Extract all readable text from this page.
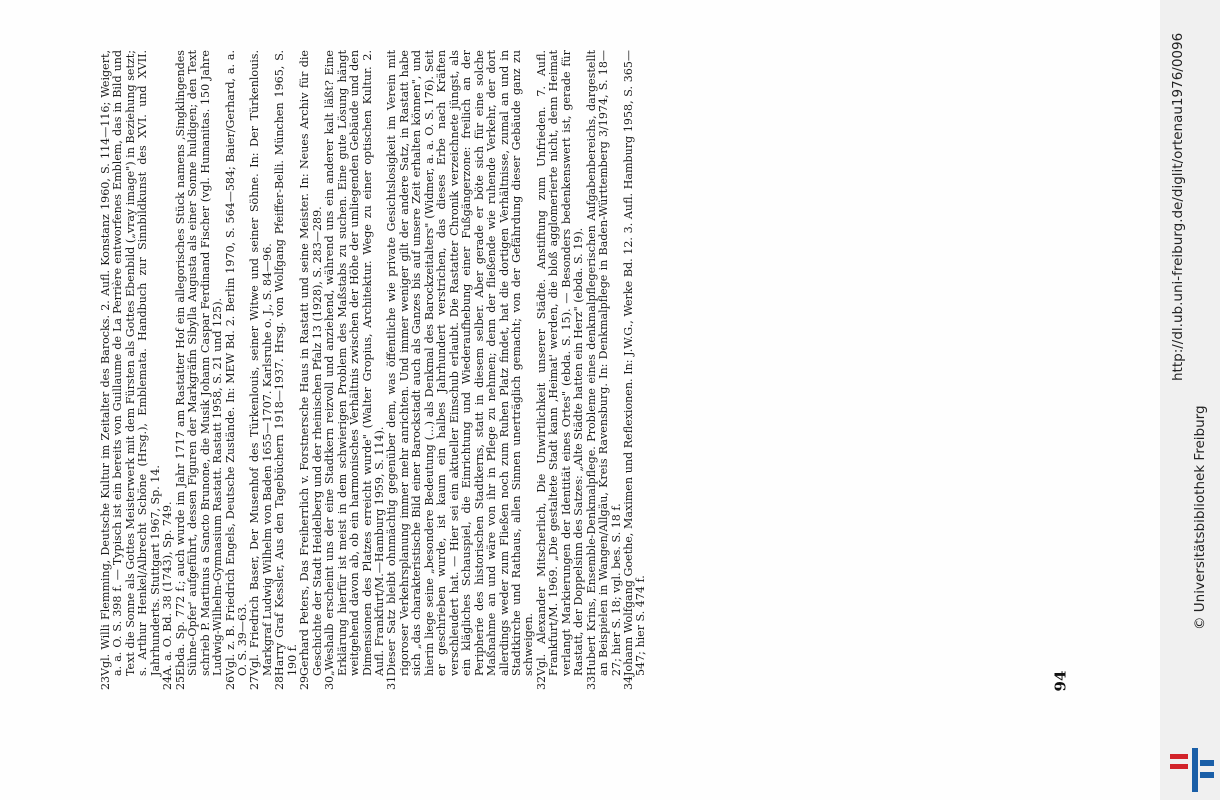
23
Vgl. Willi Flemming, Deutsche Kultur im Zeitalter des Barocks. 2. Aufl. Konstanz 1960, S. 114—116; Weigert, a. a. O. S. 398 f. — Typisch ist ein bereits von Guillaume de La Perrière entworfenes Emblem, das in Bild und Text die Sonne als Gottes Meisterwerk mit dem Fürsten als Gottes Ebenbild („vray image") in Beziehung setzt; s. Arthur Henkel/Albrecht Schöne (Hrsg.), Emblemata. Handbuch zur Sinnbildkunst des XVI. und XVII. Jahrhunderts. Stuttgart 1967, Sp. 14.
24
A. a. O. Bd. 38 (1743), Sp. 749.
25
Ebda. Sp. 772 f.; auch wurde im Jahr 1717 am Rastatter Hof ein allegorisches Stück namens ‚Singklingendes Sühne-Opfer' aufgeführt, dessen Figuren der Markgräfin Sibylla Augusta als einer Sonne huldigen; den Text schrieb P. Martinus a Sancto Brunone, die Musik Johann Caspar Ferdinand Fischer (vgl. Humanitas. 150 Jahre Ludwig-Wilhelm-Gymnasium Rastatt. Rastatt 1958, S. 21 und 125).
26
Vgl. z. B. Friedrich Engels, Deutsche Zustände. In: MEW Bd. 2. Berlin 1970, S. 564—584; Baier/Gerhard, a. a. O. S. 39—63.
27
Vgl. Friedrich Baser, Der Musenhof des Türkenlouis, seiner Witwe und seiner Söhne. In: Der Türkenlouis. Markgraf Ludwig Wilhelm von Baden 1655—1707. Karlsruhe o. J., S. 84—96.
28
Harry Graf Kessler, Aus den Tagebüchern 1918—1937. Hrsg. von Wolfgang Pfeiffer-Belli. München 1965, S. 190 f.
29
Gerhard Peters, Das Freiherrlich v. Forstnersche Haus in Rastatt und seine Meister. In: Neues Archiv für die Geschichte der Stadt Heidelberg und der rheinischen Pfalz 13 (1928), S. 283—289.
30
„Weshalb erscheint uns der eine Stadtkern reizvoll und anziehend, während uns ein anderer kalt läßt? Eine Erklärung hierfür ist meist in dem schwierigen Problem des Maßstabs zu suchen. Eine gute Lösung hängt weitgehend davon ab, ob ein harmonisches Verhältnis zwischen der Höhe der umliegenden Gebäude und den Dimensionen des Platzes erreicht wurde" (Walter Gropius, Architektur. Wege zu einer optischen Kultur. 2. Aufl. Frankfurt/M.—Hamburg 1959, S. 114).
31
Dieser Satz bleibt ohnmächtig gegenüber dem, was öffentliche wie private Gesichtslosigkeit im Verein mit rigoroser Verkehrsplanung immer mehr anrichten. Und immer weniger gilt der andere Satz, in Rastatt habe sich „das charakteristische Bild einer Barockstadt auch als Ganzes bis auf unsere Zeit erhalten können", und hierin liege seine „besondere Bedeutung (...) als Denkmal des Barockzeitalters" (Widmer, a. a. O. S. 176). Seit er geschrieben wurde, ist kaum ein halbes Jahrhundert verstrichen, das dieses Erbe nach Kräften verschleudert hat. — Hier sei ein aktueller Einschub erlaubt. Die Rastatter Chronik verzeichnete jüngst, als ein klägliches Schauspiel, die Einrichtung und Wiederaufhebung einer Fußgängerzone: freilich an der Peripherie des historischen Stadtkerns, statt in diesem selber. Aber gerade er böte sich für eine solche Maßnahme an und wäre von ihr in Pflege zu nehmen; denn der fließende wie ruhende Verkehr, der dort allerdings weder zum Fließen noch zum Ruhen Platz findet, hat die dortigen Verhältnisse, zumal an und in Stadtkirche und Rathaus, allen Sinnen unerträglich gemacht; von der Gefährdung dieser Gebäude ganz zu schweigen.
32
Vgl. Alexander Mitscherlich, Die Unwirtlichkeit unserer Städte. Anstiftung zum Unfrieden. 7. Aufl. Frankfurt/M. 1969. „Die gestaltete Stadt kann ‚Heimat' werden, die bloß agglomerierte nicht, denn Heimat verlangt Markierungen der Identität eines Ortes" (ebda. S. 15). — Besonders bedenkenswert ist, gerade für Rastatt, der Doppelsinn des Satzes: „Alte Städte hatten ein Herz" (ebda. S. 19).
33
Hubert Krins, Ensemble-Denkmalpflege. Probleme eines denkmalpflegerischen Aufgabenbereichs, dargestellt an Beispielen in Wangen/Allgäu, Kreis Ravensburg. In: Denkmalpflege in Baden-Württemberg 3/1974, S. 18—27; hier S. 18; vgl. bes. S. 18 f.
34
Johann Wolfgang Goethe, Maximen und Reflexionen. In: J.W.G., Werke Bd. 12. 3. Aufl. Hamburg 1958, S. 365—547; hier S. 474 f.
94
http://dl.ub.uni-freiburg.de/diglit/ortenau1976/0096
© Universitätsbibliothek Freiburg
